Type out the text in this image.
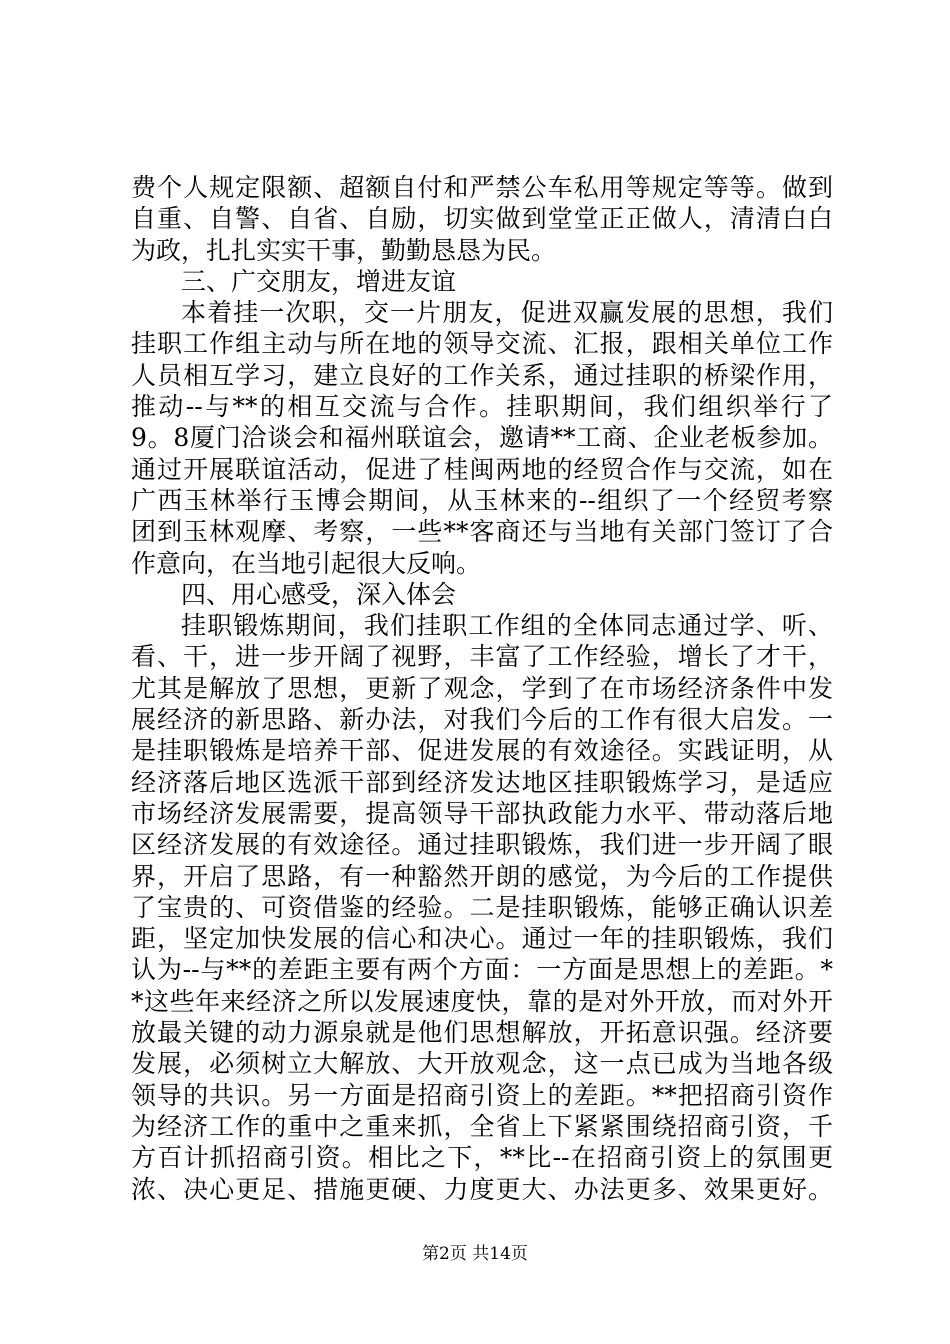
费个人规定限额、超额自付和严禁公车私用等规定等等。做到
自重、自警、自省、自励，切实做到堂堂正正做人，清清白白
为政，扎扎实实干事，勤勤恳恳为民。
三、广交朋友，增进友谊
本着挂一次职，交一片朋友，促进双赢发展的思想，我们
挂职工作组主动与所在地的领导交流、汇报，跟相关单位工作
人员相互学习，建立良好的工作关系，通过挂职的桥梁作用，
推动--与**的相互交流与合作。挂职期间，我们组织举行了
9。8厦门洽谈会和福州联谊会，邀请**工商、企业老板参加。
通过开展联谊活动，促进了桂闽两地的经贸合作与交流，如在
广西玉林举行玉博会期间，从玉林来的--组织了一个经贸考察
团到玉林观摩、考察，一些**客商还与当地有关部门签订了合
作意向，在当地引起很大反响。
四、用心感受，深入体会
挂职锻炼期间，我们挂职工作组的全体同志通过学、听、
看、干，进一步开阔了视野，丰富了工作经验，增长了才干，
尤其是解放了思想，更新了观念，学到了在市场经济条件中发
展经济的新思路、新办法，对我们今后的工作有很大启发。一
是挂职锻炼是培养干部、促进发展的有效途径。实践证明，从
经济落后地区选派干部到经济发达地区挂职锻炼学习，是适应
市场经济发展需要，提高领导干部执政能力水平、带动落后地
区经济发展的有效途径。通过挂职锻炼，我们进一步开阔了眼
界，开启了思路，有一种豁然开朗的感觉，为今后的工作提供
了宝贵的、可资借鉴的经验。二是挂职锻炼，能够正确认识差
距，坚定加快发展的信心和决心。通过一年的挂职锻炼，我们
认为--与**的差距主要有两个方面：一方面是思想上的差距。*
*这些年来经济之所以发展速度快，靠的是对外开放，而对外开
放最关键的动力源泉就是他们思想解放，开拓意识强。经济要
发展，必须树立大解放、大开放观念，这一点已成为当地各级
领导的共识。另一方面是招商引资上的差距。**把招商引资作
为经济工作的重中之重来抓，全省上下紧紧围绕招商引资，千
方百计抓招商引资。相比之下，**比--在招商引资上的氛围更
浓、决心更足、措施更硬、力度更大、办法更多、效果更好。
第2页 共14页
